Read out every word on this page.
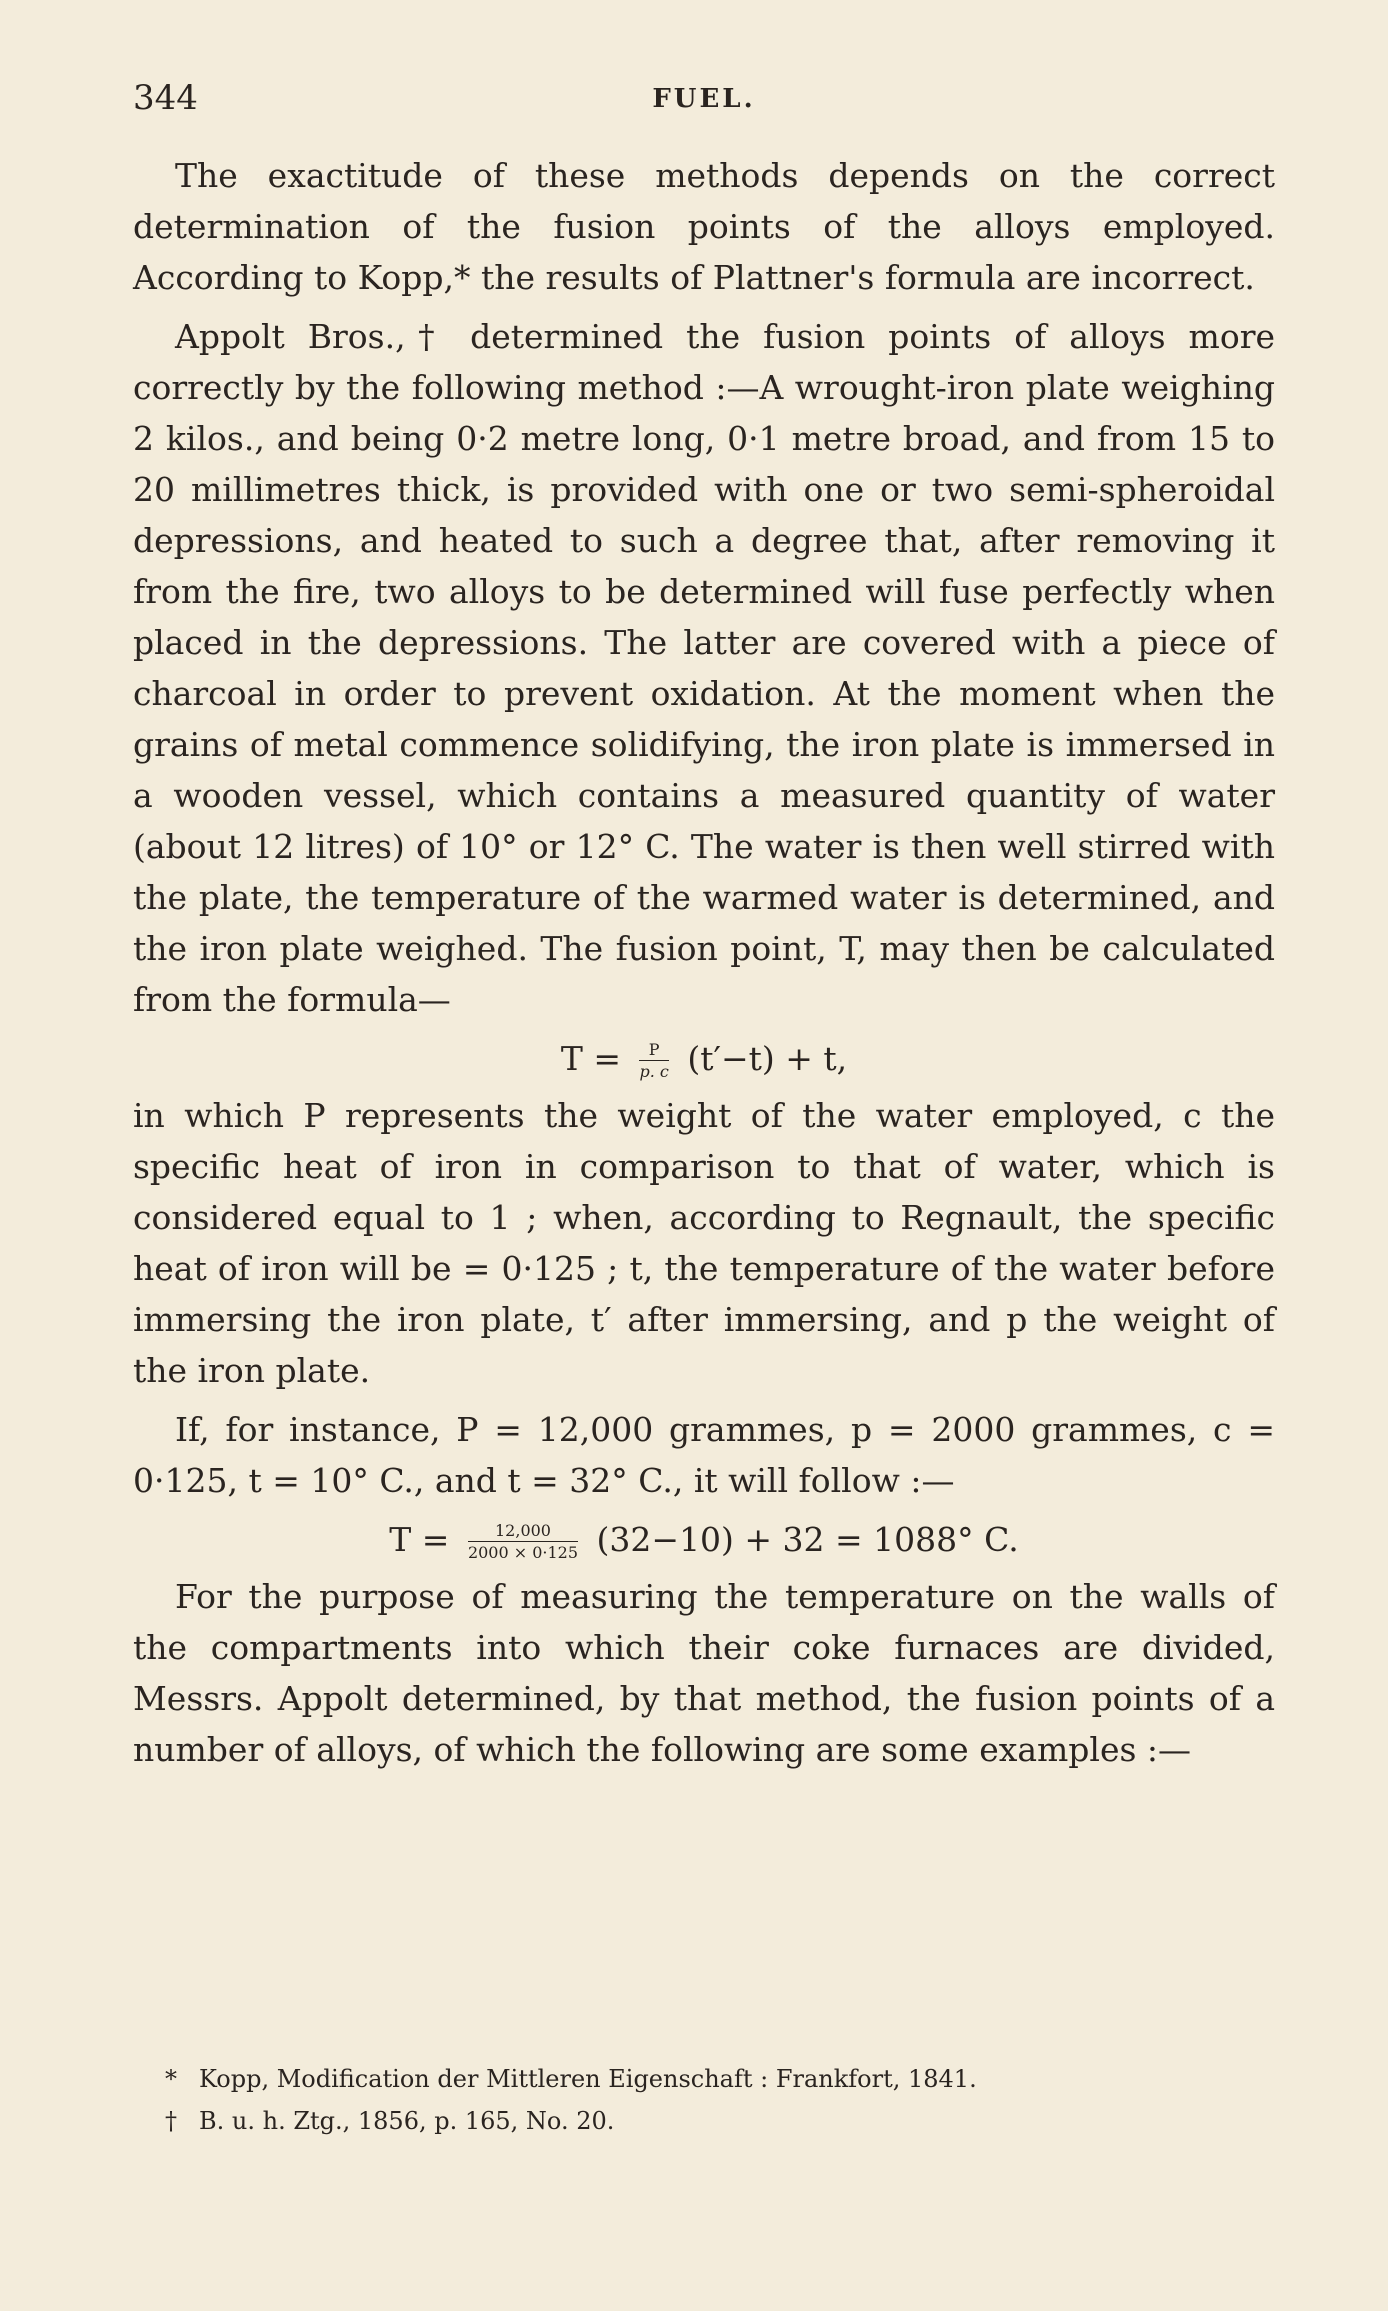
344	FUEL.

The exactitude of these methods depends on the correct determination of the fusion points of the alloys employed. According to Kopp,* the results of Plattner's formula are incorrect.

Appolt Bros.,† determined the fusion points of alloys more correctly by the following method :—A wrought-iron plate weighing 2 kilos., and being 0·2 metre long, 0·1 metre broad, and from 15 to 20 millimetres thick, is provided with one or two semi-spheroidal depressions, and heated to such a degree that, after removing it from the fire, two alloys to be determined will fuse perfectly when placed in the depressions. The latter are covered with a piece of charcoal in order to prevent oxidation. At the moment when the grains of metal commence solidifying, the iron plate is immersed in a wooden vessel, which contains a measured quantity of water (about 12 litres) of 10° or 12° C. The water is then well stirred with the plate, the temperature of the warmed water is determined, and the iron plate weighed. The fusion point, T, may then be calculated from the formula—

$T = \frac{P}{p. c} (t'-t) + t$,

in which P represents the weight of the water employed, c the specific heat of iron in comparison to that of water, which is considered equal to 1 ; when, according to Regnault, the specific heat of iron will be = 0·125 ; t, the temperature of the water before immersing the iron plate, t′ after immersing, and p the weight of the iron plate.

If, for instance, P = 12,000 grammes, p = 2000 grammes, c = 0·125, t = 10° C., and t = 32° C., it will follow :—

$T = \frac{12,000}{2000 \times 0\cdot 125} (32-10) + 32 = 1088^\circ$ C.

For the purpose of measuring the temperature on the walls of the compartments into which their coke furnaces are divided, Messrs. Appolt determined, by that method, the fusion points of a number of alloys, of which the following are some examples :—

* Kopp, Modification der Mittleren Eigenschaft : Frankfort, 1841.
† B. u. h. Ztg., 1856, p. 165, No. 20.
